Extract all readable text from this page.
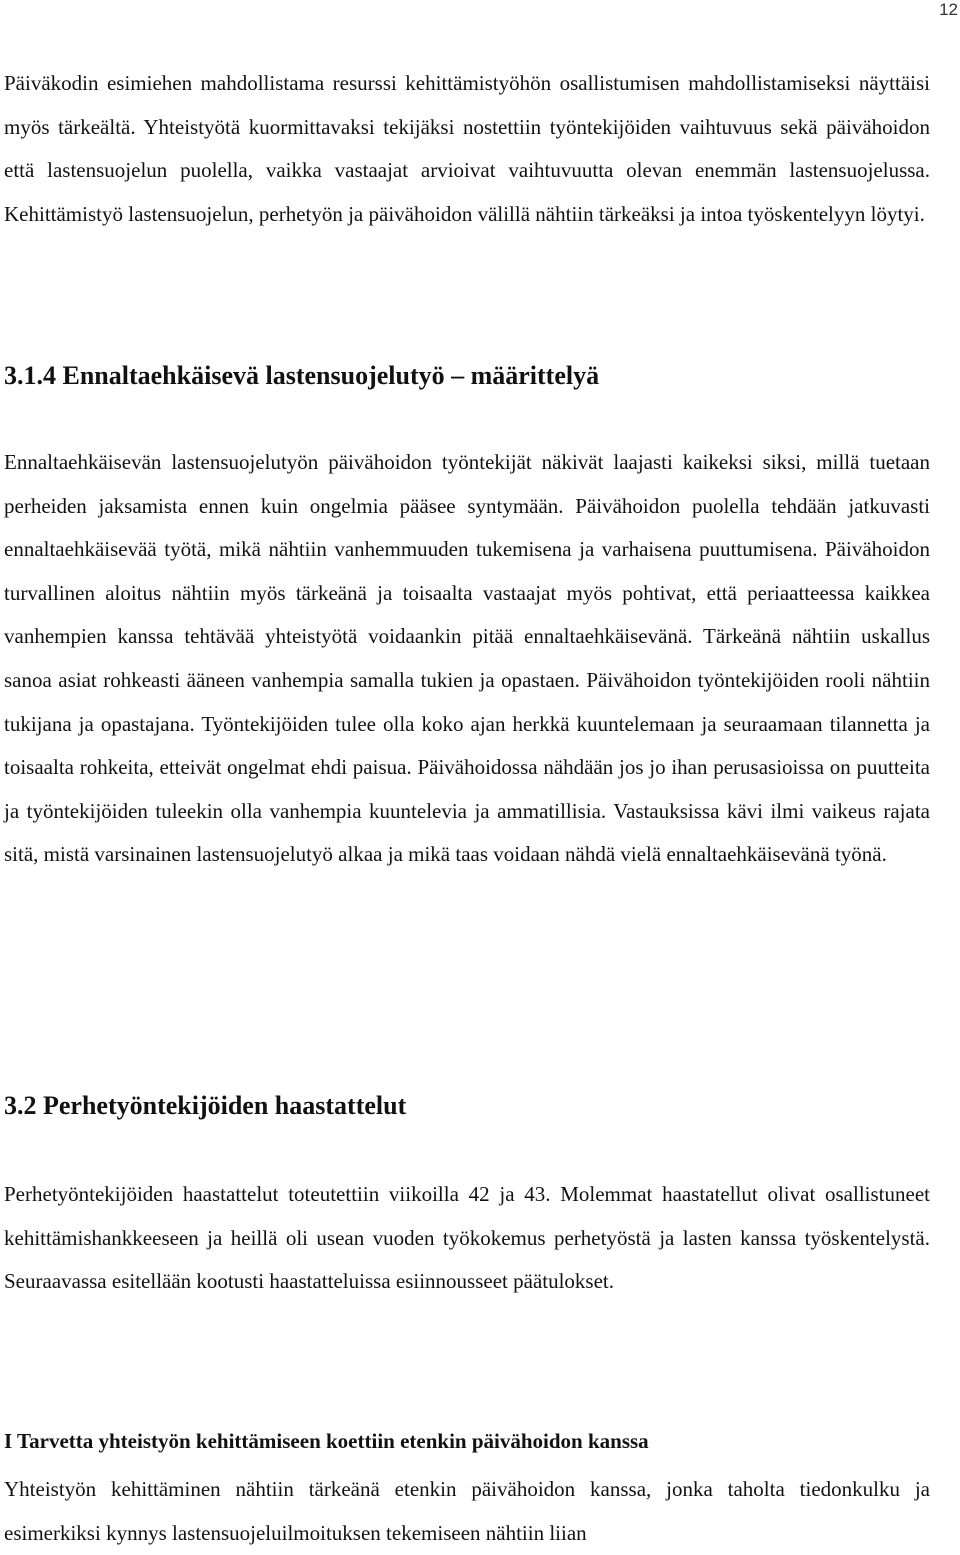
12

Päiväkodin esimiehen mahdollistama resurssi kehittämistyöhön osallistumisen mahdollistamiseksi näyttäisi myös tärkeältä. Yhteistyötä kuormittavaksi tekijäksi nostettiin työntekijöiden vaihtuvuus sekä päivähoidon että lastensuojelun puolella, vaikka vastaajat arvioivat vaihtuvuutta olevan enemmän lastensuojelussa. Kehittämistyö lastensuojelun, perhetyön ja päivähoidon välillä nähtiin tärkeäksi ja intoa työskentelyyn löytyi.

3.1.4 Ennaltaehkäisevä lastensuojelutyö – määrittelyä

Ennaltaehkäisevän lastensuojelutyön päivähoidon työntekijät näkivät laajasti kaikeksi siksi, millä tuetaan perheiden jaksamista ennen kuin ongelmia pääsee syntymään. Päivähoidon puolella tehdään jatkuvasti ennaltaehkäisevää työtä, mikä nähtiin vanhemmuuden tukemisena ja varhaisena puuttumisena. Päivähoidon turvallinen aloitus nähtiin myös tärkeänä ja toisaalta vastaajat myös pohtivat, että periaatteessa kaikkea vanhempien kanssa tehtävää yhteistyötä voidaankin pitää ennaltaehkäisevänä. Tärkeänä nähtiin uskallus sanoa asiat rohkeasti ääneen vanhempia samalla tukien ja opastaen. Päivähoidon työntekijöiden rooli nähtiin tukijana ja opastajana. Työntekijöiden tulee olla koko ajan herkkä kuuntelemaan ja seuraamaan tilannetta ja toisaalta rohkeita, etteivät ongelmat ehdi paisua. Päivähoidossa nähdään jos jo ihan perusasioissa on puutteita ja työntekijöiden tuleekin olla vanhempia kuuntelevia ja ammatillisia. Vastauksissa kävi ilmi vaikeus rajata sitä, mistä varsinainen lastensuojelutyö alkaa ja mikä taas voidaan nähdä vielä ennaltaehkäisevänä työnä.

3.2 Perhetyöntekijöiden haastattelut

Perhetyöntekijöiden haastattelut toteutettiin viikoilla 42 ja 43. Molemmat haastatellut olivat osallistuneet kehittämishankkeeseen ja heillä oli usean vuoden työkokemus perhetyöstä ja lasten kanssa työskentelystä. Seuraavassa esitellään kootusti haastatteluissa esiinnousseet päätulokset.

I Tarvetta yhteistyön kehittämiseen koettiin etenkin päivähoidon kanssa

Yhteistyön kehittäminen nähtiin tärkeänä etenkin päivähoidon kanssa, jonka taholta tiedonkulku ja esimerkiksi kynnys lastensuojeluilmoituksen tekemiseen nähtiin liian
